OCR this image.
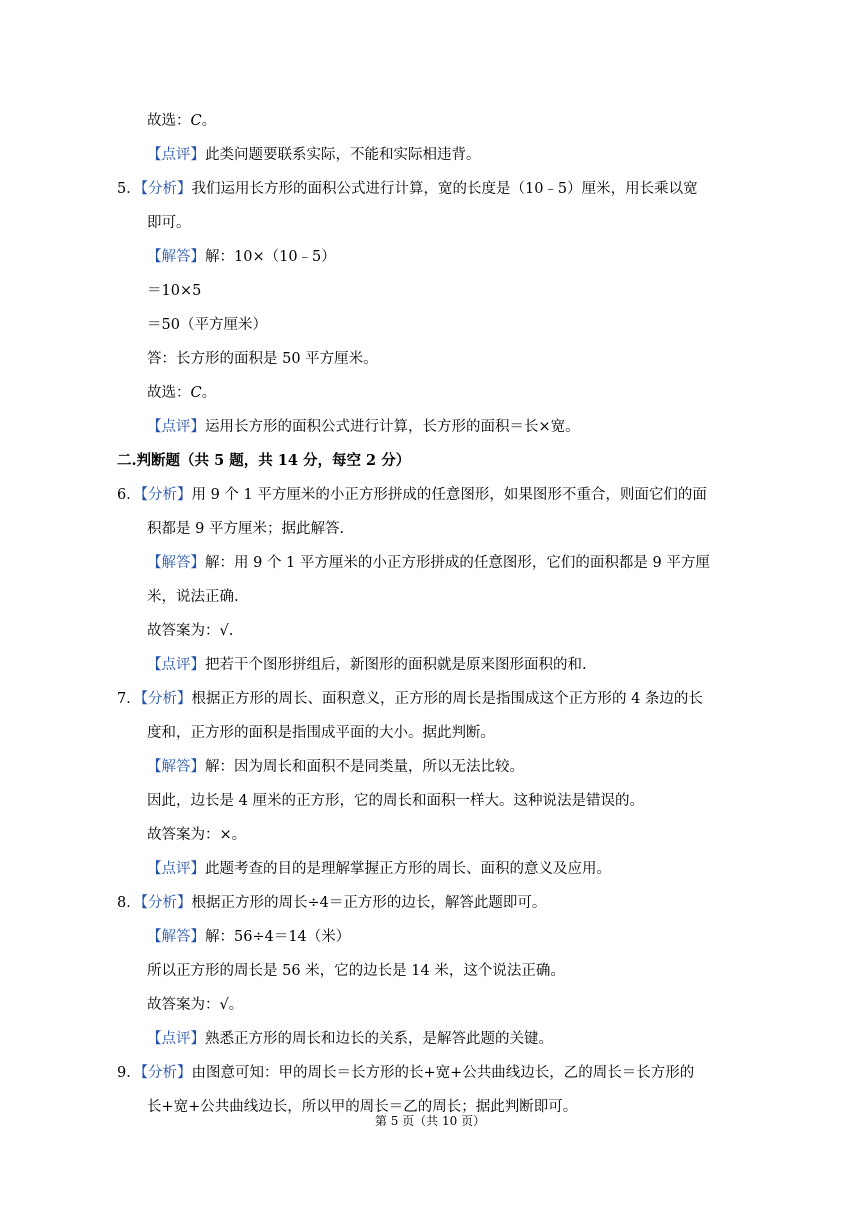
故选：C。
【点评】此类问题要联系实际，不能和实际相违背。
5．【分析】我们运用长方形的面积公式进行计算，宽的长度是（10﹣5）厘米，用长乘以宽
即可。
【解答】解：10×（10﹣5）
＝10×5
＝50（平方厘米）
答：长方形的面积是 50 平方厘米。
故选：C。
【点评】运用长方形的面积公式进行计算，长方形的面积＝长×宽。
二.判断题（共 5 题，共 14 分，每空 2 分）
6．【分析】用 9 个 1 平方厘米的小正方形拼成的任意图形，如果图形不重合，则面它们的面
积都是 9 平方厘米；据此解答.
【解答】解：用 9 个 1 平方厘米的小正方形拼成的任意图形，它们的面积都是 9 平方厘
米，说法正确.
故答案为：√.
【点评】把若干个图形拼组后，新图形的面积就是原来图形面积的和.
7．【分析】根据正方形的周长、面积意义，正方形的周长是指围成这个正方形的 4 条边的长
度和，正方形的面积是指围成平面的大小。据此判断。
【解答】解：因为周长和面积不是同类量，所以无法比较。
因此，边长是 4 厘米的正方形，它的周长和面积一样大。这种说法是错误的。
故答案为：×。
【点评】此题考查的目的是理解掌握正方形的周长、面积的意义及应用。
8．【分析】根据正方形的周长÷4＝正方形的边长，解答此题即可。
【解答】解：56÷4＝14（米）
所以正方形的周长是 56 米，它的边长是 14 米，这个说法正确。
故答案为：√。
【点评】熟悉正方形的周长和边长的关系，是解答此题的关键。
9．【分析】由图意可知：甲的周长＝长方形的长+宽+公共曲线边长，乙的周长＝长方形的
长+宽+公共曲线边长，所以甲的周长＝乙的周长；据此判断即可。
第 5 页（共 10 页）
